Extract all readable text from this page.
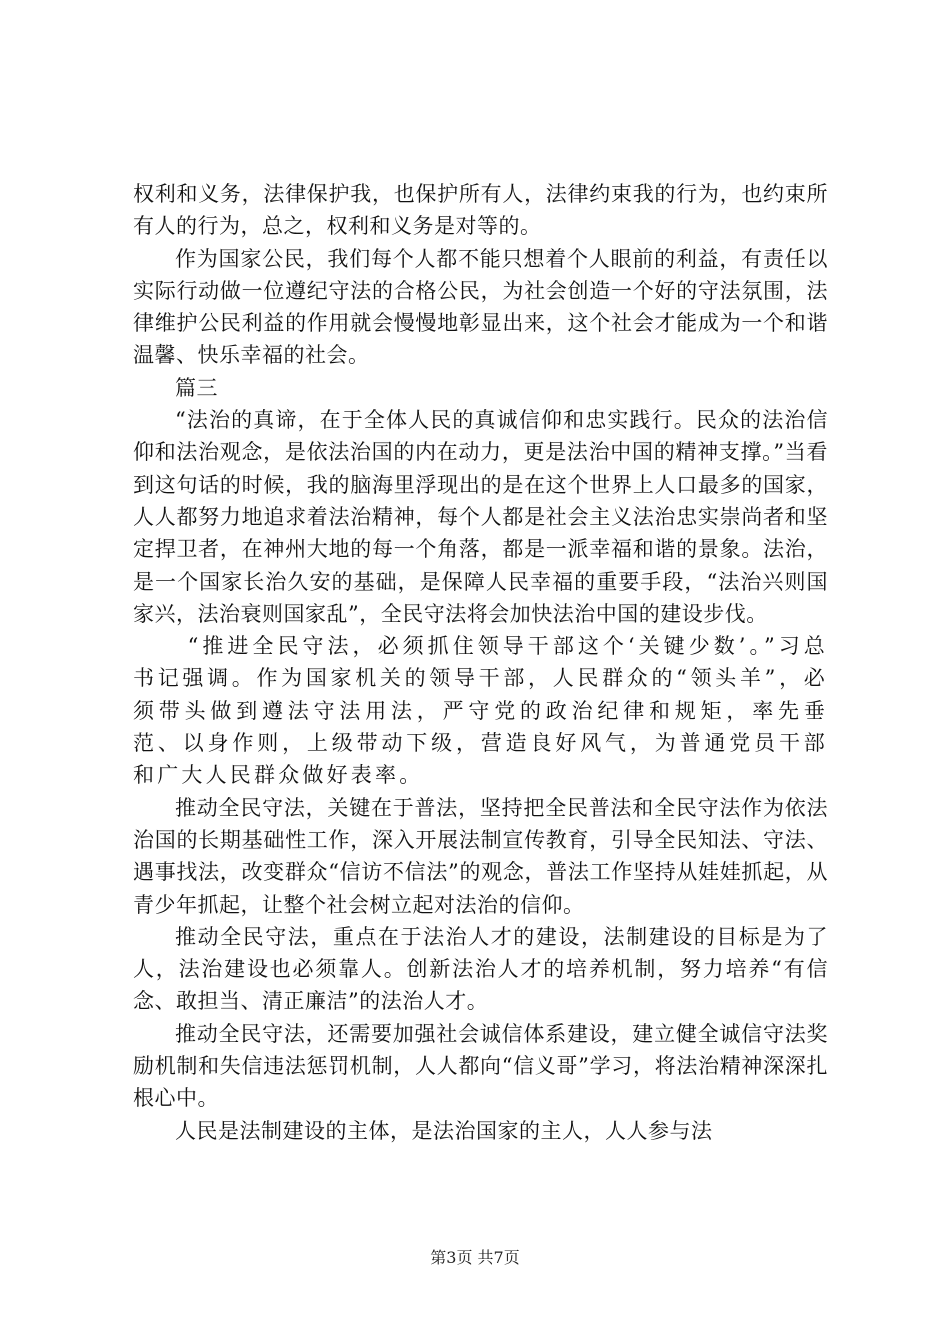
权利和义务，法律保护我，也保护所有人，法律约束我的行为，也约束所有人的行为，总之，权利和义务是对等的。

作为国家公民，我们每个人都不能只想着个人眼前的利益，有责任以实际行动做一位遵纪守法的合格公民，为社会创造一个好的守法氛围，法律维护公民利益的作用就会慢慢地彰显出来，这个社会才能成为一个和谐温馨、快乐幸福的社会。

篇三

“法治的真谛，在于全体人民的真诚信仰和忠实践行。民众的法治信仰和法治观念，是依法治国的内在动力，更是法治中国的精神支撑。”当看到这句话的时候，我的脑海里浮现出的是在这个世界上人口最多的国家，人人都努力地追求着法治精神，每个人都是社会主义法治忠实崇尚者和坚定捍卫者，在神州大地的每一个角落，都是一派幸福和谐的景象。法治，是一个国家长治久安的基础，是保障人民幸福的重要手段，“法治兴则国家兴，法治衰则国家乱”，全民守法将会加快法治中国的建设步伐。

“推进全民守法，必须抓住领导干部这个‘关键少数’。”习总书记强调。作为国家机关的领导干部，人民群众的“领头羊”，必须带头做到遵法守法用法，严守党的政治纪律和规矩，率先垂范、以身作则，上级带动下级，营造良好风气，为普通党员干部和广大人民群众做好表率。

推动全民守法，关键在于普法，坚持把全民普法和全民守法作为依法治国的长期基础性工作，深入开展法制宣传教育，引导全民知法、守法、遇事找法，改变群众“信访不信法”的观念，普法工作坚持从娃娃抓起，从青少年抓起，让整个社会树立起对法治的信仰。

推动全民守法，重点在于法治人才的建设，法制建设的目标是为了人，法治建设也必须靠人。创新法治人才的培养机制，努力培养“有信念、敢担当、清正廉洁”的法治人才。

推动全民守法，还需要加强社会诚信体系建设，建立健全诚信守法奖励机制和失信违法惩罚机制，人人都向“信义哥”学习，将法治精神深深扎根心中。

人民是法制建设的主体，是法治国家的主人，人人参与法

第3页 共7页
